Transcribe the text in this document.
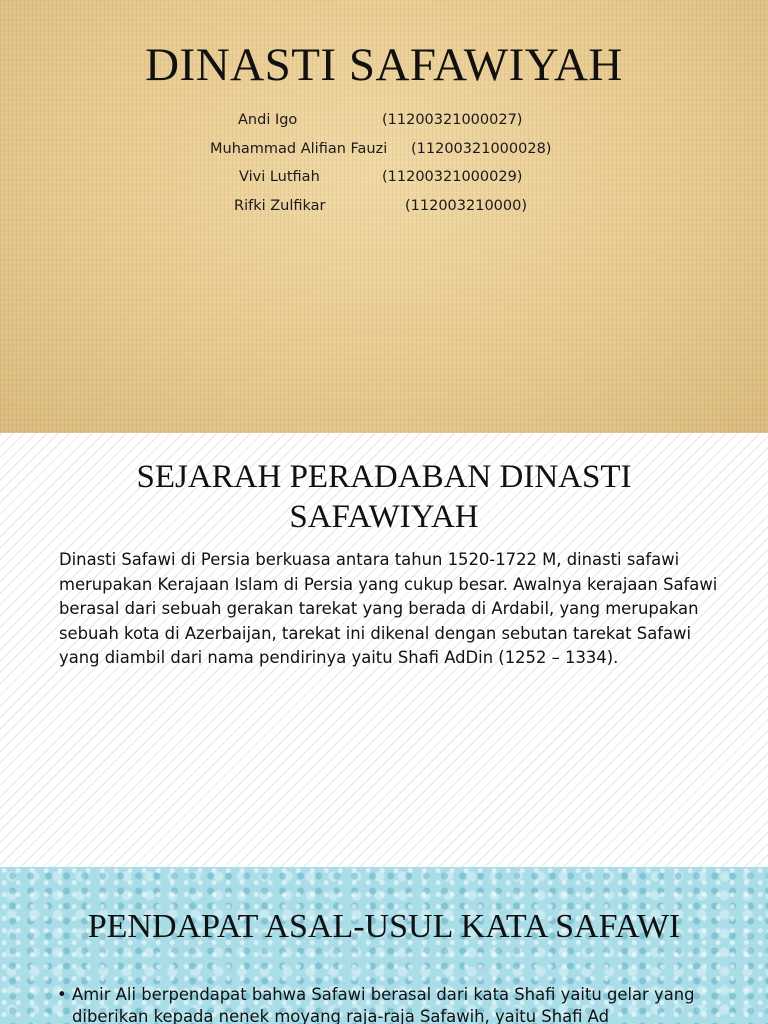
DINASTI SAFAWIYAH
Andi Igo	(11200321000027)
Muhammad Alifian Fauzi (11200321000028)
Vivi Lutfiah	(11200321000029)
Rifki Zulfikar	(112003210000)
SEJARAH PERADABAN DINASTI SAFAWIYAH
Dinasti Safawi di Persia berkuasa antara tahun 1520-1722 M, dinasti safawi merupakan Kerajaan Islam di Persia yang cukup besar. Awalnya kerajaan Safawi berasal dari sebuah gerakan tarekat yang berada di Ardabil, yang merupakan sebuah kota di Azerbaijan, tarekat ini dikenal dengan sebutan tarekat Safawi yang diambil dari nama pendirinya yaitu Shafi AdDin (1252 – 1334).
PENDAPAT ASAL-USUL KATA SAFAWI
• Amir Ali berpendapat bahwa Safawi berasal dari kata Shafi yaitu gelar yang diberikan kepada nenek moyang raja-raja Safawih, yaitu Shafi Ad
